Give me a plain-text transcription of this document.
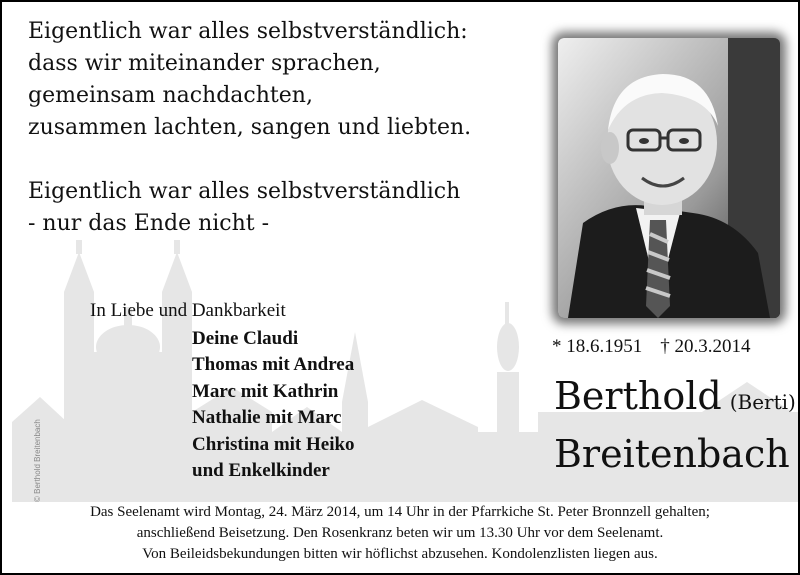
Eigentlich war alles selbstverständlich:

dass wir miteinander sprachen,

gemeinsam nachdachten,

zusammen lachten, sangen und liebten.

Eigentlich war alles selbstverständlich

- nur das Ende nicht -

In Liebe und Dankbarkeit
Deine Claudi
Thomas mit Andrea
Marc mit Kathrin
Nathalie mit Marc
Christina mit Heiko
und Enkelkinder
* 18.6.1951 † 20.3.2014
Berthold (Berti)
Breitenbach
© Berthold Breitenbach
Das Seelenamt wird Montag, 24. März 2014, um 14 Uhr in der Pfarrkiche St. Peter Bronnzell gehalten;
anschließend Beisetzung. Den Rosenkranz beten wir um 13.30 Uhr vor dem Seelenamt.
Von Beileidsbekundungen bitten wir höflichst abzusehen. Kondolenzlisten liegen aus.
